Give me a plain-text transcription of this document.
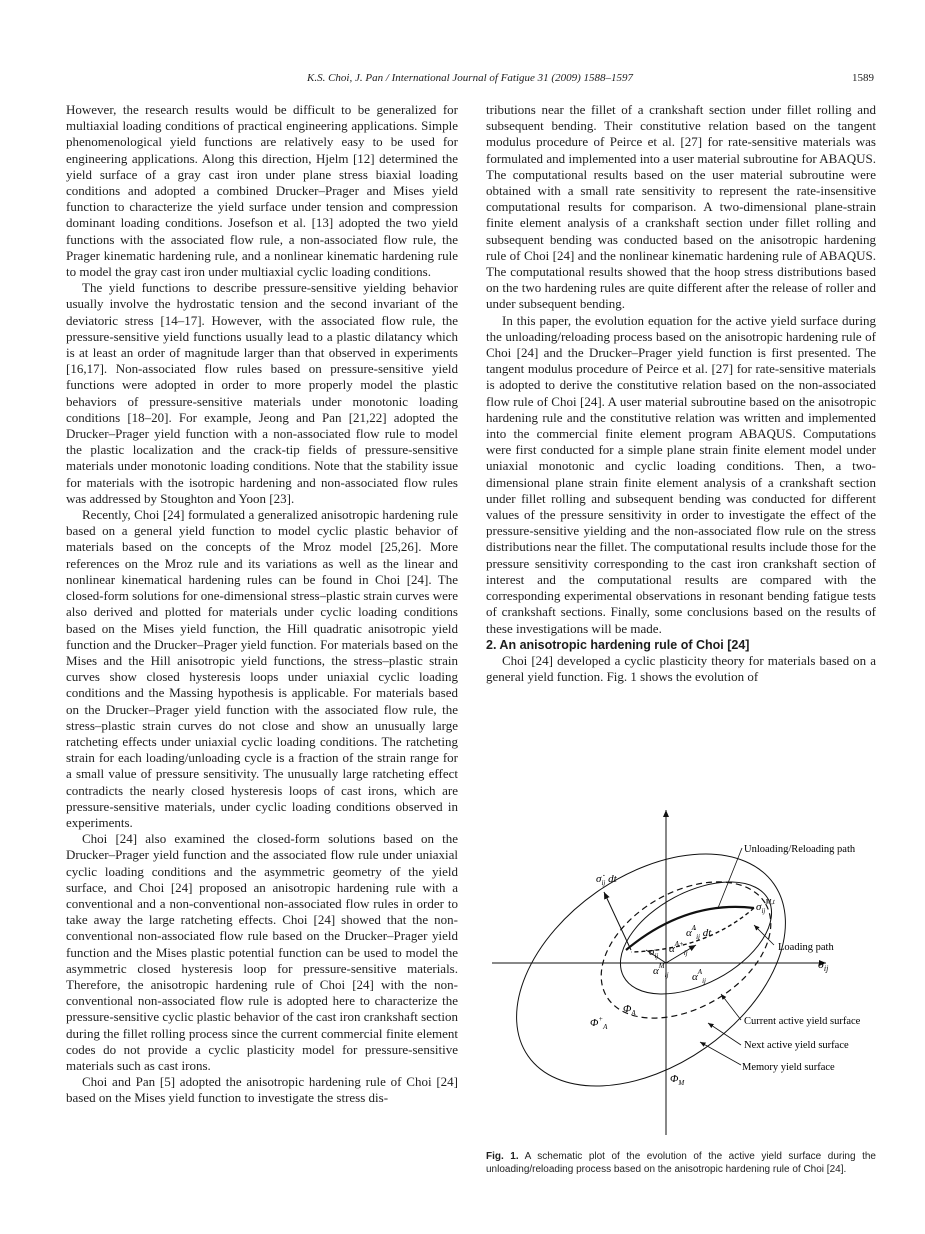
K.S. Choi, J. Pan / International Journal of Fatigue 31 (2009) 1588–1597	1589

However, the research results would be difficult to be generalized for multiaxial loading conditions of practical engineering applications. Simple phenomenological yield functions are relatively easy to be used for engineering applications. Along this direction, Hjelm [12] determined the yield surface of a gray cast iron under plane stress biaxial loading conditions and adopted a combined Drucker–Prager and Mises yield function to characterize the yield surface under tension and compression dominant loading conditions. Josefson et al. [13] adopted the two yield functions with the associated flow rule, a non-associated flow rule, the Prager kinematic hardening rule, and a nonlinear kinematic hardening rule to model the gray cast iron under multiaxial cyclic loading conditions.

The yield functions to describe pressure-sensitive yielding behavior usually involve the hydrostatic tension and the second invariant of the deviatoric stress [14–17]. However, with the associated flow rule, the pressure-sensitive yield functions usually lead to a plastic dilatancy which is at least an order of magnitude larger than that observed in experiments [16,17]. Non-associated flow rules based on pressure-sensitive yield functions were adopted in order to more properly model the plastic behaviors of pressure-sensitive materials under monotonic loading conditions [18–20]. For example, Jeong and Pan [21,22] adopted the Drucker–Prager yield function with a non-associated flow rule to model the plastic localization and the crack-tip fields of pressure-sensitive materials under monotonic loading conditions. Note that the stability issue for materials with the isotropic hardening and non-associated flow rules was addressed by Stoughton and Yoon [23].

Recently, Choi [24] formulated a generalized anisotropic hardening rule based on a general yield function to model cyclic plastic behavior of materials based on the concepts of the Mroz model [25,26]. More references on the Mroz rule and its variations as well as the linear and nonlinear kinematical hardening rules can be found in Choi [24]. The closed-form solutions for one-dimensional stress–plastic strain curves were also derived and plotted for materials under cyclic loading conditions based on the Mises yield function, the Hill quadratic anisotropic yield function and the Drucker–Prager yield function. For materials based on the Mises and the Hill anisotropic yield functions, the stress–plastic strain curves show closed hysteresis loops under uniaxial cyclic loading conditions and the Massing hypothesis is applicable. For materials based on the Drucker–Prager yield function with the associated flow rule, the stress–plastic strain curves do not close and show an unusually large ratcheting effects under uniaxial cyclic loading conditions. The ratcheting strain for each loading/unloading cycle is a fraction of the strain range for a small value of pressure sensitivity. The unusually large ratcheting effect contradicts the nearly closed hysteresis loops of cast irons, which are pressure-sensitive materials, under cyclic loading conditions observed in experiments.

Choi [24] also examined the closed-form solutions based on the Drucker–Prager yield function and the associated flow rule under uniaxial cyclic loading conditions and the asymmetric geometry of the yield surface, and Choi [24] proposed an anisotropic hardening rule with a conventional and a non-conventional non-associated flow rules in order to take away the large ratcheting effects. Choi [24] showed that the non-conventional non-associated flow rule based on the Drucker–Prager yield function and the Mises plastic potential function can be used to model the asymmetric closed hysteresis loop for pressure-sensitive materials. Therefore, the anisotropic hardening rule of Choi [24] with the non-conventional non-associated flow rule is adopted here to characterize the pressure-sensitive cyclic plastic behavior of the cast iron crankshaft section during the fillet rolling process since the current commercial finite element codes do not provide a cyclic plasticity model for pressure-sensitive materials such as cast irons.

Choi and Pan [5] adopted the anisotropic hardening rule of Choi [24] based on the Mises yield function to investigate the stress dis-

tributions near the fillet of a crankshaft section under fillet rolling and subsequent bending. Their constitutive relation based on the tangent modulus procedure of Peirce et al. [27] for rate-sensitive materials was formulated and implemented into a user material subroutine for ABAQUS. The computational results based on the user material subroutine were obtained with a small rate sensitivity to represent the rate-insensitive computational results for comparison. A two-dimensional plane-strain finite element analysis of a crankshaft section under fillet rolling and subsequent bending was conducted based on the anisotropic hardening rule of Choi [24] and the nonlinear kinematic hardening rule of ABAQUS. The computational results showed that the hoop stress distributions based on the two hardening rules are quite different after the release of roller and under subsequent bending.

In this paper, the evolution equation for the active yield surface during the unloading/reloading process based on the anisotropic hardening rule of Choi [24] and the Drucker–Prager yield function is first presented. The tangent modulus procedure of Peirce et al. [27] for rate-sensitive materials is adopted to derive the constitutive relation based on the non-associated flow rule of Choi [24]. A user material subroutine based on the anisotropic hardening rule and the constitutive relation was written and implemented into the commercial finite element program ABAQUS. Computations were first conducted for a simple plane strain finite element model under uniaxial monotonic and cyclic loading conditions. Then, a two-dimensional plane strain finite element analysis of a crankshaft section under fillet rolling and subsequent bending was conducted for different values of the pressure sensitivity in order to investigate the effect of the pressure-sensitive yielding and the non-associated flow rule on the stress distributions near the fillet. The computational results include those for the pressure sensitivity corresponding to the cast iron crankshaft section of interest and the computational results are compared with the corresponding experimental observations in resonant bending fatigue tests of crankshaft sections. Finally, some conclusions based on the results of these investigations will be made.

2. An anisotropic hardening rule of Choi [24]

Choi [24] developed a cyclic plasticity theory for materials based on a general yield function. Fig. 1 shows the evolution of

Unloading/Reloading path
Loading path
Current active yield surface
Next active yield surface
Memory yield surface
$\sigma_{ij}$
$\sigma_{ij}^{M,t}$
$\sigmȧ_{ij}$ dt
α̇$^A_{ij}$ dt
$\sigma_{ij}$
$\alpha^{A+}_{ij}$
$\alpha^M_{ij}$ $\alpha^A_{ij}$
$\Phi_A$
$\Phi^+_A$
$\Phi_M$
Fig. 1. A schematic plot of the evolution of the active yield surface during the unloading/reloading process based on the anisotropic hardening rule of Choi [24].
